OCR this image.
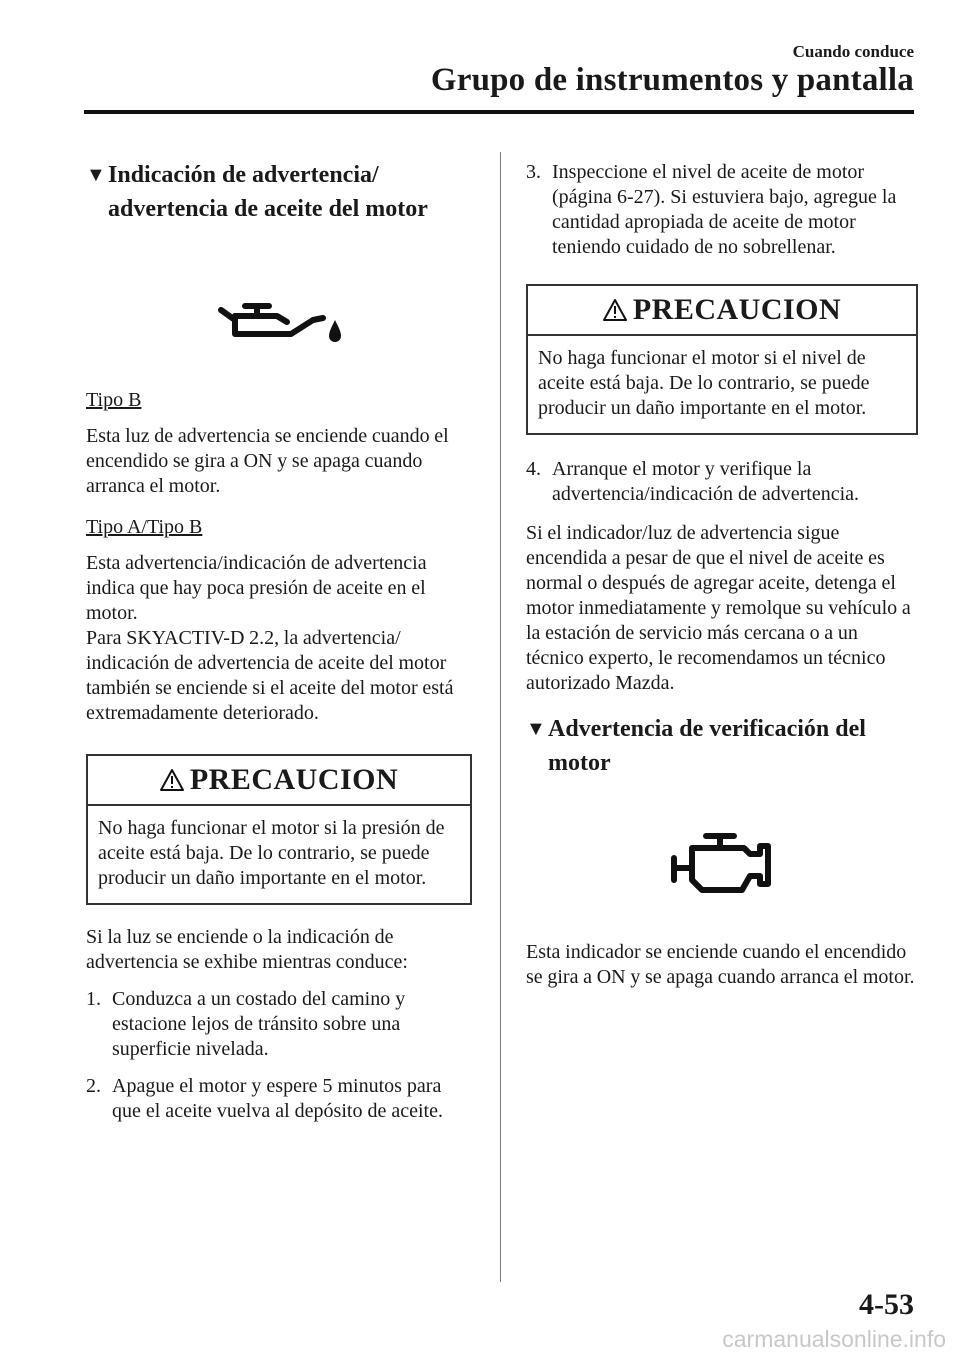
Cuando conduce

Grupo de instrumentos y pantalla
▼ Indicación de advertencia/ advertencia de aceite del motor

Tipo B

Esta luz de advertencia se enciende cuando el encendido se gira a ON y se apaga cuando arranca el motor.

Tipo A/Tipo B

Esta advertencia/indicación de advertencia indica que hay poca presión de aceite en el motor.

Para SKYACTIV-D 2.2, la advertencia/ indicación de advertencia de aceite del motor también se enciende si el aceite del motor está extremadamente deteriorado.

PRECAUCION
No haga funcionar el motor si la presión de aceite está baja. De lo contrario, se puede producir un daño importante en el motor.

Si la luz se enciende o la indicación de advertencia se exhibe mientras conduce:

1. Conduzca a un costado del camino y estacione lejos de tránsito sobre una superficie nivelada.
2. Apague el motor y espere 5 minutos para que el aceite vuelva al depósito de aceite.
3. Inspeccione el nivel de aceite de motor (página 6-27). Si estuviera bajo, agregue la cantidad apropiada de aceite de motor teniendo cuidado de no sobrellenar.
PRECAUCION
No haga funcionar el motor si el nivel de aceite está baja. De lo contrario, se puede producir un daño importante en el motor.
4. Arranque el motor y verifique la advertencia/indicación de advertencia.

Si el indicador/luz de advertencia sigue encendida a pesar de que el nivel de aceite es normal o después de agregar aceite, detenga el motor inmediatamente y remolque su vehículo a la estación de servicio más cercana o a un técnico experto, le recomendamos un técnico autorizado Mazda.

▼ Advertencia de verificación del motor

Esta indicador se enciende cuando el encendido se gira a ON y se apaga cuando arranca el motor.

4-53

carmanualsonline.info
